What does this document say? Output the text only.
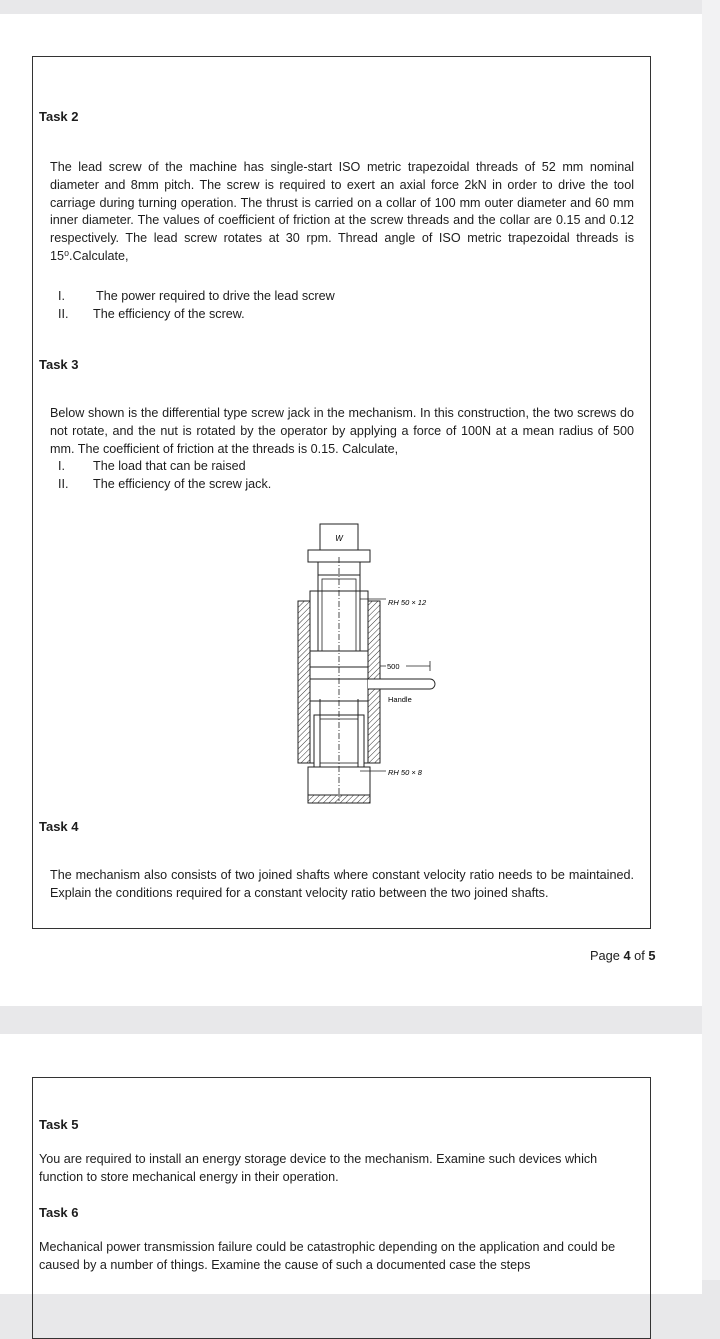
Task 2
The lead screw of the machine has single-start ISO metric trapezoidal threads of 52 mm nominal diameter and 8mm pitch. The screw is required to exert an axial force 2kN in order to drive the tool carriage during turning operation. The thrust is carried on a collar of 100 mm outer diameter and 60 mm inner diameter. The values of coefficient of friction at the screw threads and the collar are 0.15 and 0.12 respectively. The lead screw rotates at 30 rpm. Thread angle of ISO metric trapezoidal threads is 15⁰.Calculate,
I. The power required to drive the lead screw
II. The efficiency of the screw.
Task 3
Below shown is the differential type screw jack in the mechanism. In this construction, the two screws do not rotate, and the nut is rotated by the operator by applying a force of 100N at a mean radius of 500 mm. The coefficient of friction at the threads is 0.15. Calculate,
I. The load that can be raised
II. The efficiency of the screw jack.
W
RH 50 × 12
500
Handle
RH 50 × 8
Task 4
The mechanism also consists of two joined shafts where constant velocity ratio needs to be maintained. Explain the conditions required for a constant velocity ratio between the two joined shafts.
Page 4 of 5
Task 5
You are required to install an energy storage device to the mechanism. Examine such devices which function to store mechanical energy in their operation.
Task 6
Mechanical power transmission failure could be catastrophic depending on the application and could be caused by a number of things. Examine the cause of such a documented case the steps
